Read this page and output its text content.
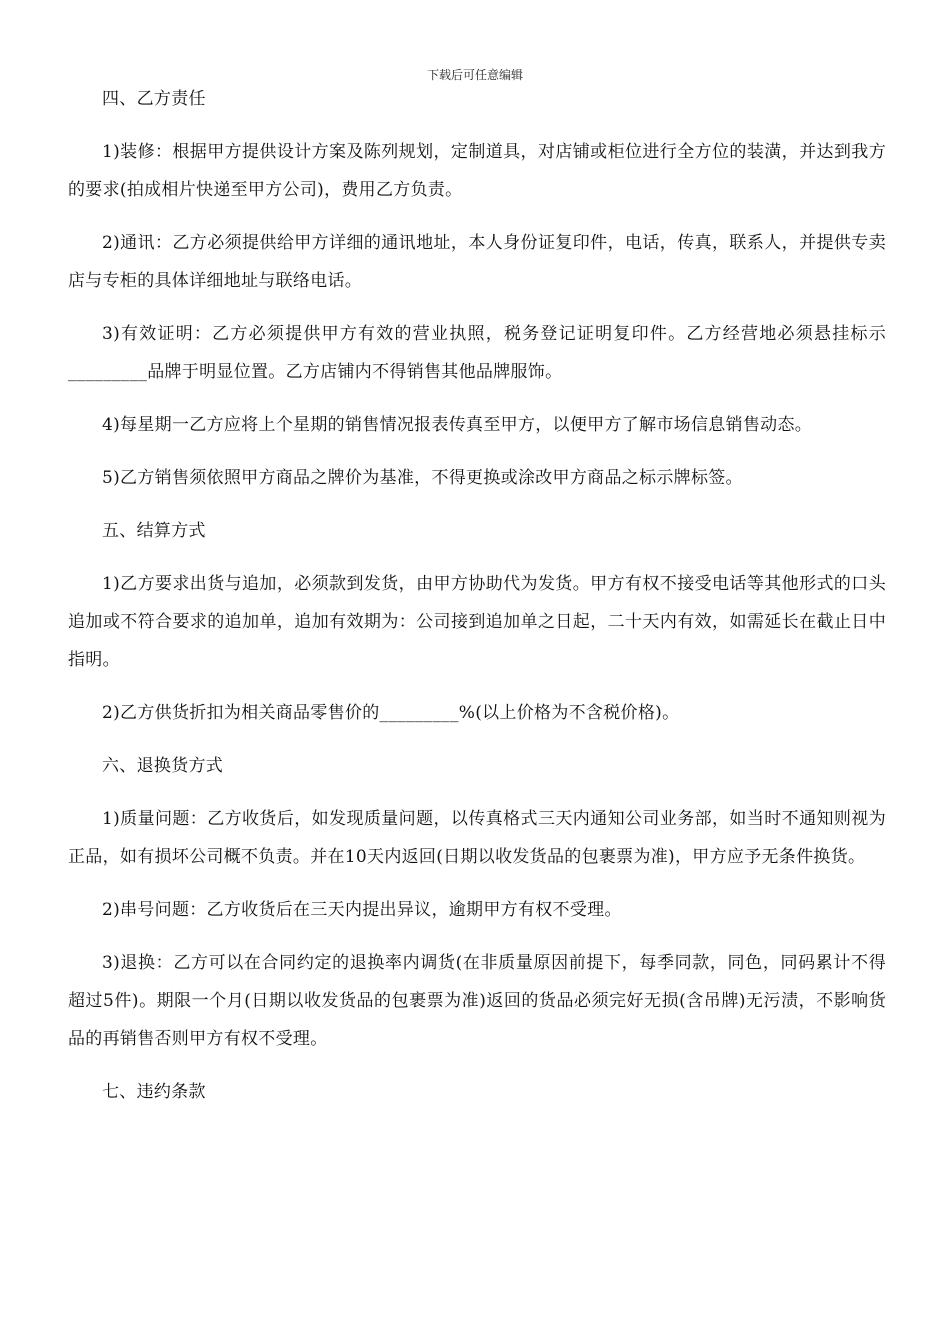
下载后可任意编辑
四、乙方责任

1)装修：根据甲方提供设计方案及陈列规划，定制道具，对店铺或柜位进行全方位的装潢，并达到我方的要求(拍成相片快递至甲方公司)，费用乙方负责。

2)通讯：乙方必须提供给甲方详细的通讯地址，本人身份证复印件，电话，传真，联系人，并提供专卖店与专柜的具体详细地址与联络电话。

3)有效证明：乙方必须提供甲方有效的营业执照，税务登记证明复印件。乙方经营地必须悬挂标示_________品牌于明显位置。乙方店铺内不得销售其他品牌服饰。

4)每星期一乙方应将上个星期的销售情况报表传真至甲方，以便甲方了解市场信息销售动态。

5)乙方销售须依照甲方商品之牌价为基准，不得更换或涂改甲方商品之标示牌标签。

五、结算方式

1)乙方要求出货与追加，必须款到发货，由甲方协助代为发货。甲方有权不接受电话等其他形式的口头追加或不符合要求的追加单，追加有效期为：公司接到追加单之日起，二十天内有效，如需延长在截止日中指明。

2)乙方供货折扣为相关商品零售价的_________%(以上价格为不含税价格)。

六、退换货方式

1)质量问题：乙方收货后，如发现质量问题，以传真格式三天内通知公司业务部，如当时不通知则视为正品，如有损坏公司概不负责。并在10天内返回(日期以收发货品的包裹票为准)，甲方应予无条件换货。

2)串号问题：乙方收货后在三天内提出异议，逾期甲方有权不受理。

3)退换：乙方可以在合同约定的退换率内调货(在非质量原因前提下，每季同款，同色，同码累计不得超过5件)。期限一个月(日期以收发货品的包裹票为准)返回的货品必须完好无损(含吊牌)无污渍，不影响货品的再销售否则甲方有权不受理。

七、违约条款
